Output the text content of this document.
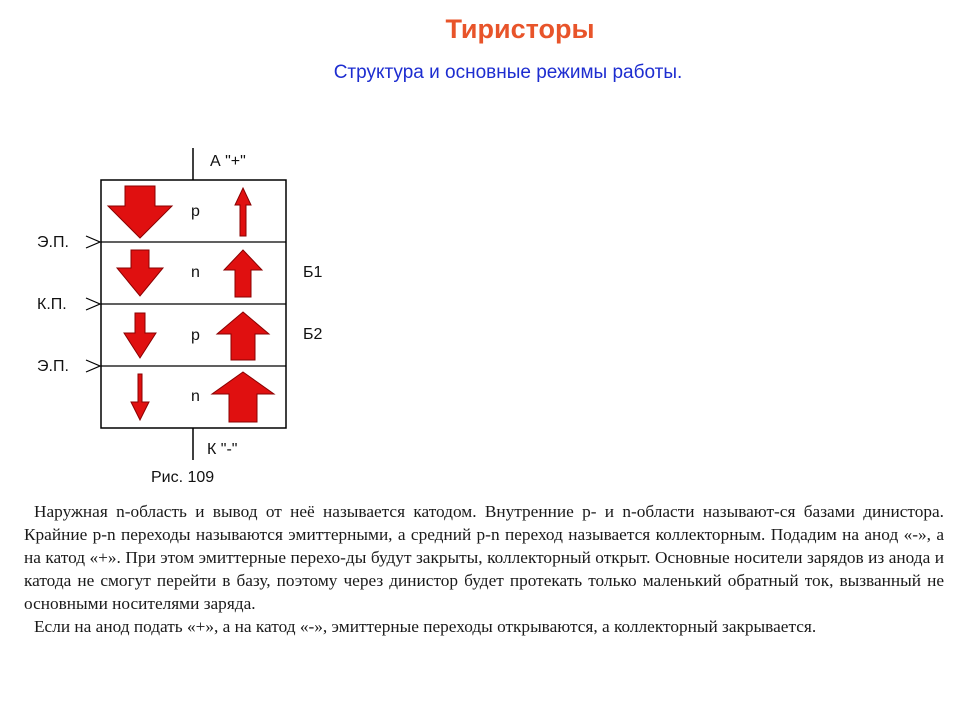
Тиристоры
Структура и основные режимы работы.
А "+"
К "-"
Рис. 109
p
n
p
n
Э.П.
К.П.
Э.П.
Б1
Б2

Наружная n-область и вывод от неё называется катодом. Внутренние p- и n-области называют-ся базами динистора. Крайние p-n переходы называются эмиттерными, а средний p-n переход называется коллекторным. Подадим на анод «-», а на катод «+». При этом эмиттерные перехо-ды будут закрыты, коллекторный открыт. Основные носители зарядов из анода и катода не смогут перейти в базу, поэтому через динистор будет протекать только маленький обратный ток, вызванный не основными носителями заряда.

Если на анод подать «+», а на катод «-», эмиттерные переходы открываются, а коллекторный закрывается.
